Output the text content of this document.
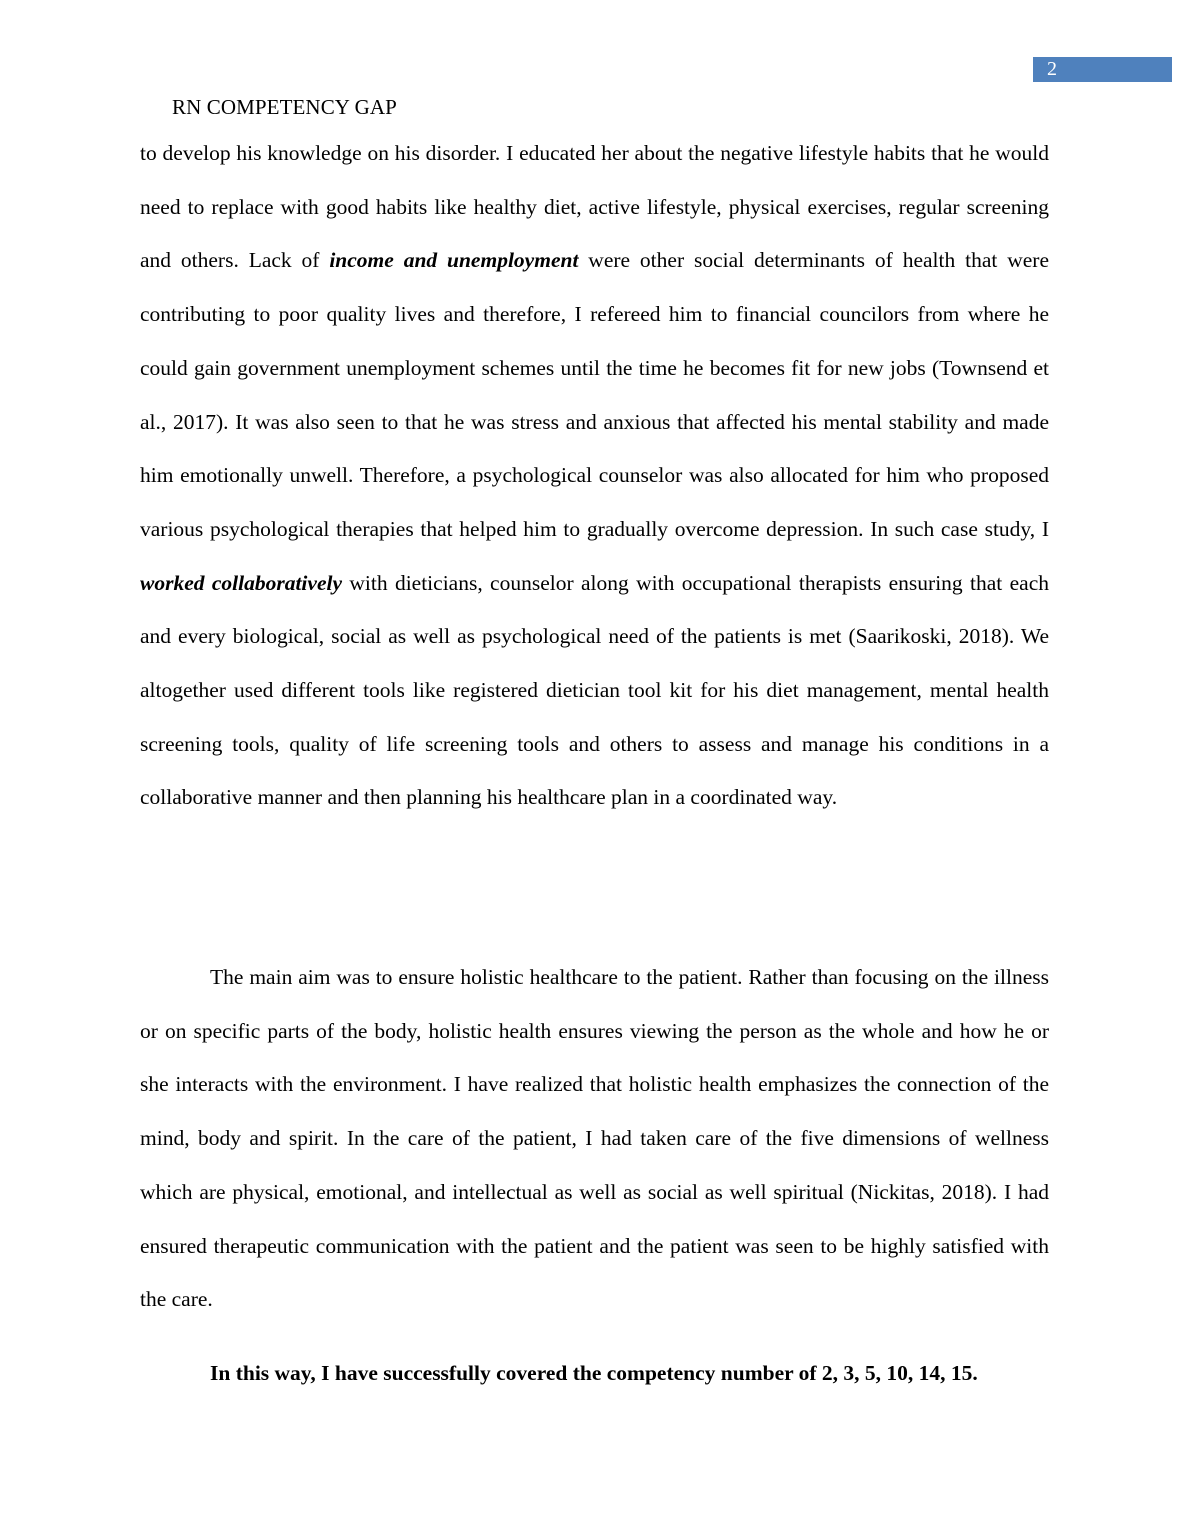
2
RN COMPETENCY GAP
to develop his knowledge on his disorder. I educated her about the negative lifestyle habits that he would need to replace with good habits like healthy diet, active lifestyle, physical exercises, regular screening and others. Lack of income and unemployment were other social determinants of health that were contributing to poor quality lives and therefore, I refereed him to financial councilors from where he could gain government unemployment schemes until the time he becomes fit for new jobs (Townsend et al., 2017). It was also seen to that he was stress and anxious that affected his mental stability and made him emotionally unwell. Therefore, a psychological counselor was also allocated for him who proposed various psychological therapies that helped him to gradually overcome depression. In such case study, I worked collaboratively with dieticians, counselor along with occupational therapists ensuring that each and every biological, social as well as psychological need of the patients is met (Saarikoski, 2018). We altogether used different tools like registered dietician tool kit for his diet management, mental health screening tools, quality of life screening tools and others to assess and manage his conditions in a collaborative manner and then planning his healthcare plan in a coordinated way.
The main aim was to ensure holistic healthcare to the patient. Rather than focusing on the illness or on specific parts of the body, holistic health ensures viewing the person as the whole and how he or she interacts with the environment. I have realized that holistic health emphasizes the connection of the mind, body and spirit. In the care of the patient, I had taken care of the five dimensions of wellness which are physical, emotional, and intellectual as well as social as well spiritual (Nickitas, 2018). I had ensured therapeutic communication with the patient and the patient was seen to be highly satisfied with the care.
In this way, I have successfully covered the competency number of 2, 3, 5, 10, 14, 15.
